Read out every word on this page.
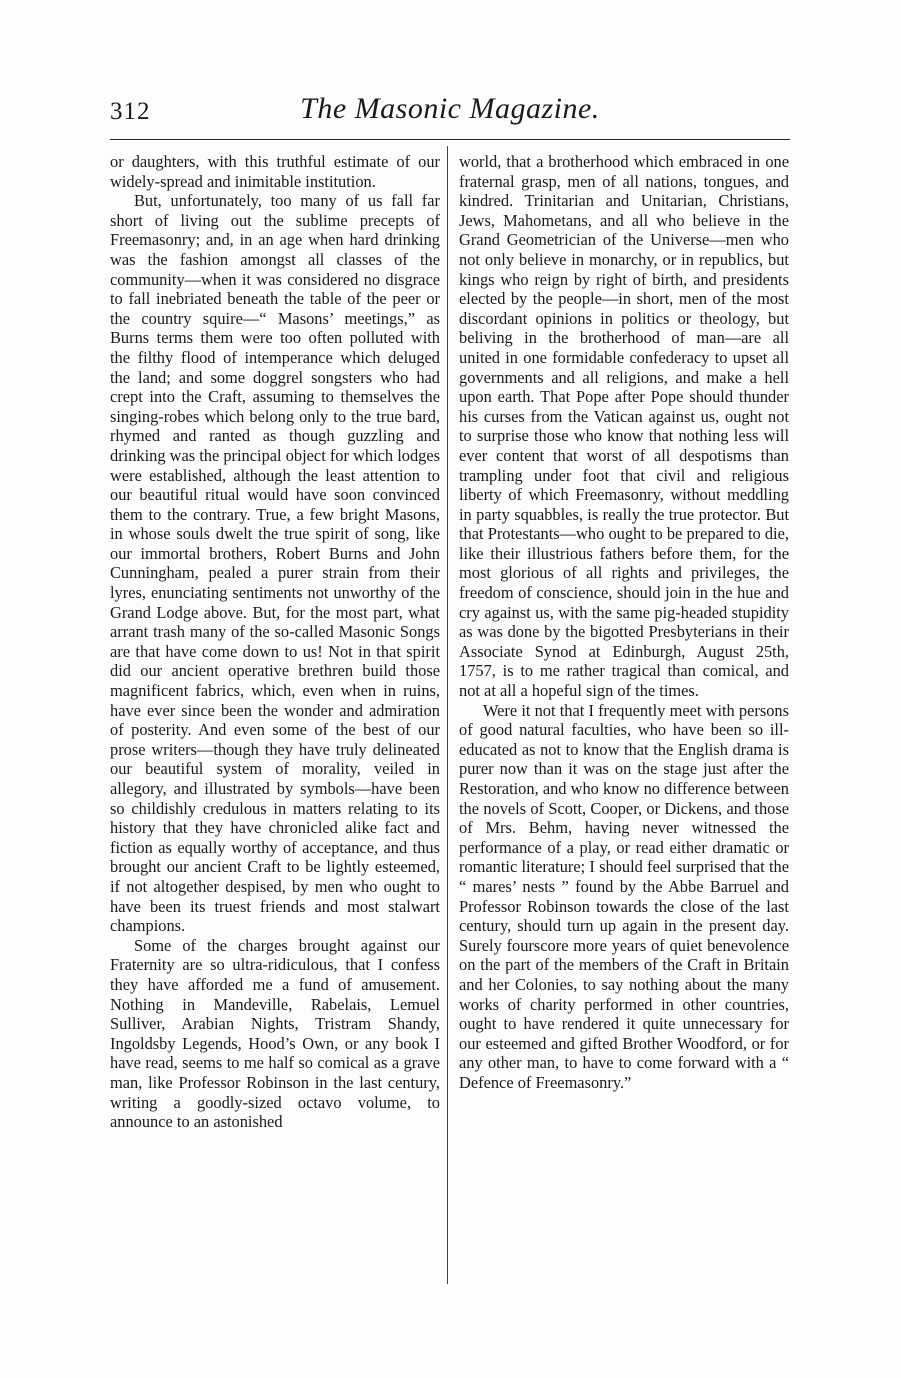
312	The Masonic Magazine.

or daughters, with this truthful estimate of our widely-spread and inimitable institution.

But, unfortunately, too many of us fall far short of living out the sublime precepts of Freemasonry; and, in an age when hard drinking was the fashion amongst all classes of the community—when it was considered no disgrace to fall inebriated beneath the table of the peer or the country squire—“ Masons’ meetings,” as Burns terms them were too often polluted with the filthy flood of intemperance which deluged the land; and some doggrel songsters who had crept into the Craft, assuming to themselves the singing-robes which belong only to the true bard, rhymed and ranted as though guzzling and drinking was the principal object for which lodges were established, although the least attention to our beautiful ritual would have soon convinced them to the contrary. True, a few bright Masons, in whose souls dwelt the true spirit of song, like our immortal brothers, Robert Burns and John Cunningham, pealed a purer strain from their lyres, enunciating sentiments not unworthy of the Grand Lodge above. But, for the most part, what arrant trash many of the so-called Masonic Songs are that have come down to us! Not in that spirit did our ancient operative brethren build those magnificent fabrics, which, even when in ruins, have ever since been the wonder and admiration of posterity. And even some of the best of our prose writers—though they have truly delineated our beautiful system of morality, veiled in allegory, and illustrated by symbols—have been so childishly credulous in matters relating to its history that they have chronicled alike fact and fiction as equally worthy of acceptance, and thus brought our ancient Craft to be lightly esteemed, if not altogether despised, by men who ought to have been its truest friends and most stalwart champions.

Some of the charges brought against our Fraternity are so ultra-ridiculous, that I confess they have afforded me a fund of amusement. Nothing in Mandeville, Rabelais, Lemuel Sulliver, Arabian Nights, Tristram Shandy, Ingoldsby Legends, Hood’s Own, or any book I have read, seems to me half so comical as a grave man, like Professor Robinson in the last century, writing a goodly-sized octavo volume, to announce to an astonished

world, that a brotherhood which embraced in one fraternal grasp, men of all nations, tongues, and kindred. Trinitarian and Unitarian, Christians, Jews, Mahometans, and all who believe in the Grand Geometrician of the Universe—men who not only believe in monarchy, or in republics, but kings who reign by right of birth, and presidents elected by the people—in short, men of the most discordant opinions in politics or theology, but beliving in the brotherhood of man—are all united in one formidable confederacy to upset all governments and all religions, and make a hell upon earth. That Pope after Pope should thunder his curses from the Vatican against us, ought not to surprise those who know that nothing less will ever content that worst of all despotisms than trampling under foot that civil and religious liberty of which Freemasonry, without meddling in party squabbles, is really the true protector. But that Protestants—who ought to be prepared to die, like their illustrious fathers before them, for the most glorious of all rights and privileges, the freedom of conscience, should join in the hue and cry against us, with the same pig-headed stupidity as was done by the bigotted Presbyterians in their Associate Synod at Edinburgh, August 25th, 1757, is to me rather tragical than comical, and not at all a hopeful sign of the times.

Were it not that I frequently meet with persons of good natural faculties, who have been so ill-educated as not to know that the English drama is purer now than it was on the stage just after the Restoration, and who know no difference between the novels of Scott, Cooper, or Dickens, and those of Mrs. Behm, having never witnessed the performance of a play, or read either dramatic or romantic literature; I should feel surprised that the “ mares’ nests ” found by the Abbe Barruel and Professor Robinson towards the close of the last century, should turn up again in the present day. Surely fourscore more years of quiet benevolence on the part of the members of the Craft in Britain and her Colonies, to say nothing about the many works of charity performed in other countries, ought to have rendered it quite unnecessary for our esteemed and gifted Brother Woodford, or for any other man, to have to come forward with a “ Defence of Freemasonry.”
